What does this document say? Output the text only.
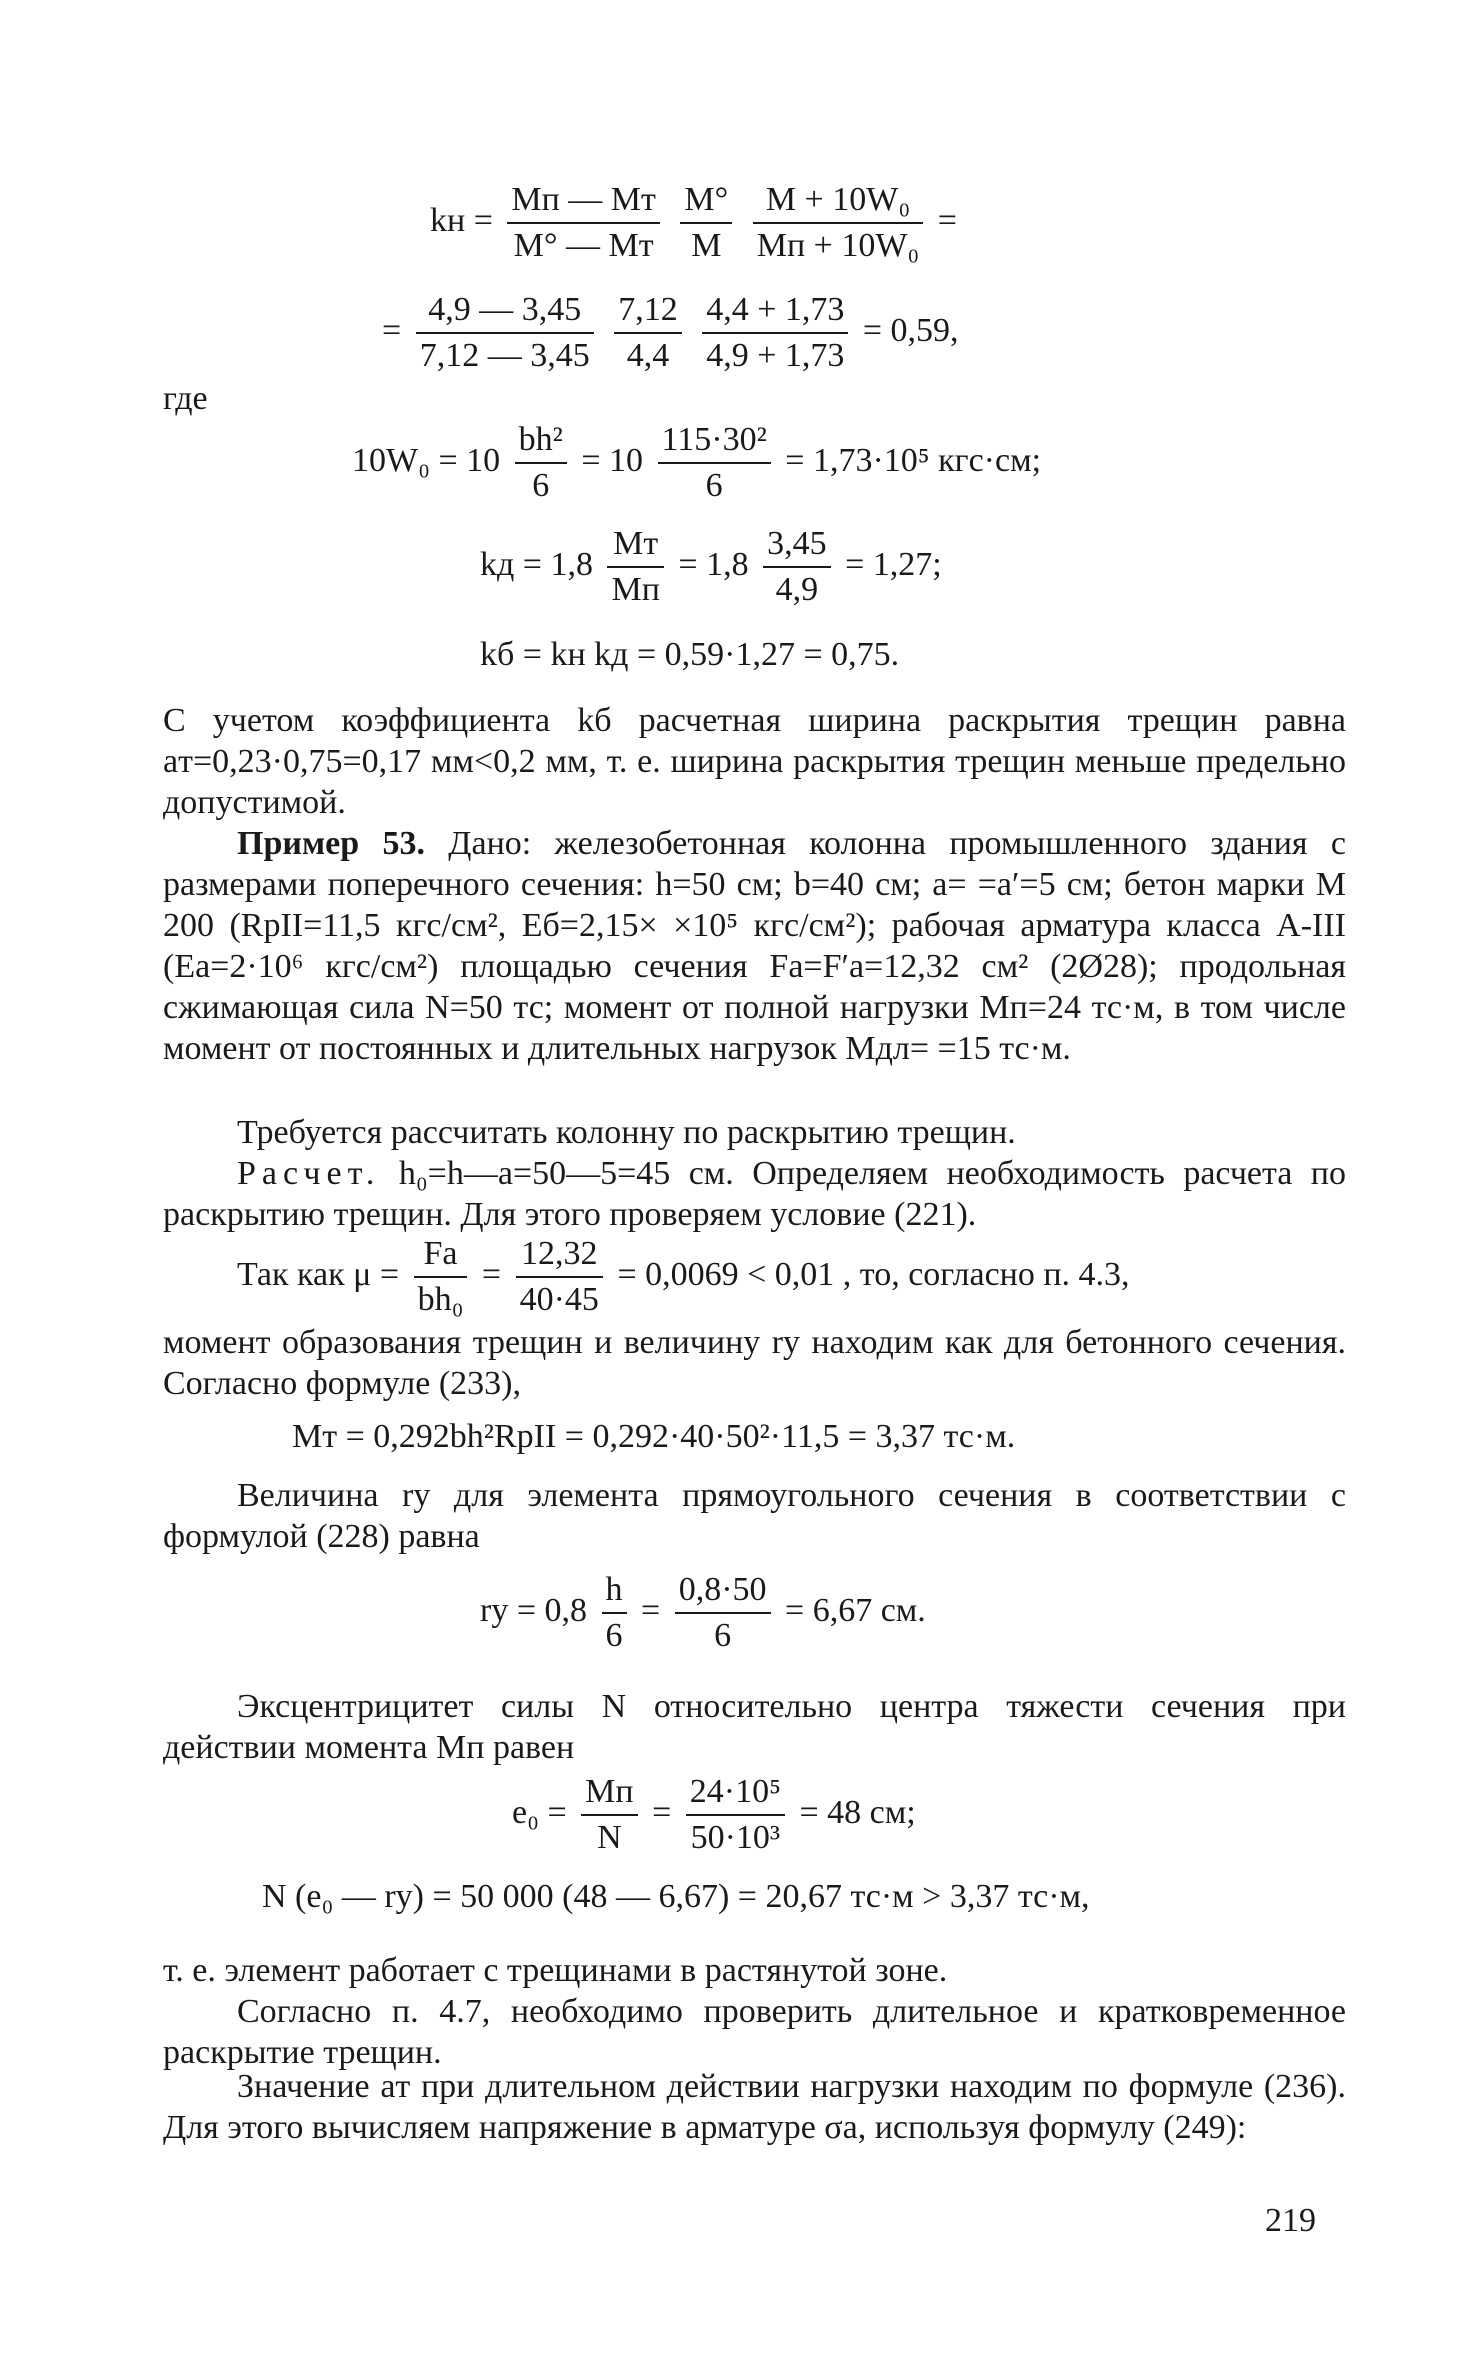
kн = $\frac{Mп — Mт}{M^\circ — Mт}$
$\frac{M^\circ}{M}$
$\frac{\text{M + 10W₀}}{\text{Mп + 10W₀}}$ =
= $\frac{4,9 — 3,45}{7,12 — 3,45}$
$\frac{7,12}{4,4}$
$\frac{4,4 + 1,73}{4,9 + 1,73} = 0,59$,
где
$10W_0 = 10 \frac{\text{bh²}}{6} = 10 \frac{\text{115·30²}}{6} = 1,73\cdot 10^5$ кгс·см;
kд = $1,8 \frac{Mт}{Mп} = 1,8 \frac{3,45}{4,9} = 1,27$;
kб = kн kд = 0,59·1,27 = 0,75.
С учетом коэффициента kб расчетная ширина раскрытия трещин равна aт=0,23·0,75=0,17 мм<0,2 мм, т. е. ширина раскрытия трещин меньше предельно допустимой.
Пример 53. Дано: железобетонная колонна промышленного здания с размерами поперечного сечения: h=50 см; b=40 см; a= =a′=5 см; бетон марки М 200 (RpII=11,5 кгс/см², Eб=2,15× ×10⁵ кгс/см²); рабочая арматура класса А-III (Eа=2·10⁶ кгс/см²) площадью сечения Fа=F′а=12,32 см² (2Ø28); продольная сжимающая сила N=50 тс; момент от полной нагрузки Mп=24 тс·м, в том числе момент от постоянных и длительных нагрузок Mдл= =15 тс·м.
Требуется рассчитать колонну по раскрытию трещин.
Расчет. h₀=h—a=50—5=45 см. Определяем необходимость расчета по раскрытию трещин. Для этого проверяем условие (221).
Так как $\mu = \frac{Fа}{\text{bh₀}} = \frac{12,32}{40\cdot 45} = 0,0069 < 0,01$ , то, согласно п. 4.3,
момент образования трещин и величину rу находим как для бетонного сечения. Согласно формуле (233),
Mт = 0,292bh²RpII = 0,292·40·50²·11,5 = 3,37 тс·м.
Величина rу для элемента прямоугольного сечения в соответствии с формулой (228) равна
rу = $0,8 \frac{h}{6} = \frac{0,8\cdot 50}{6} = 6,67$ см.
Эксцентрицитет силы N относительно центра тяжести сечения при действии момента Mп равен
$e_0 = \frac{Mп}{N} = \frac{\text{24·10⁵}}{\text{50·10³}} = 48$ см;
N (e₀ — rу) = 50 000 (48 — 6,67) = 20,67 тс·м > 3,37 тс·м,
т. е. элемент работает с трещинами в растянутой зоне.
Согласно п. 4.7, необходимо проверить длительное и кратковременное раскрытие трещин.
Значение aт при длительном действии нагрузки находим по формуле (236). Для этого вычисляем напряжение в арматуре σа, используя формулу (249):
219
